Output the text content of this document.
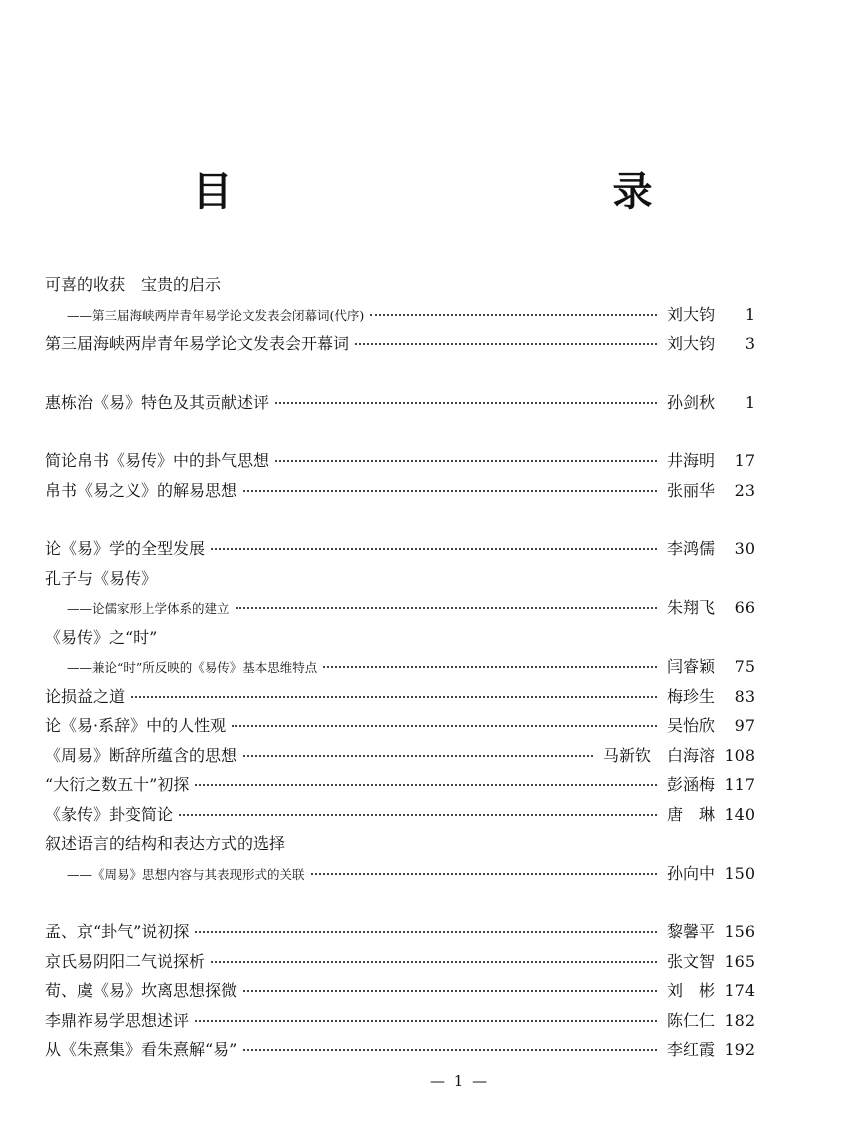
目　　录
可喜的收获　宝贵的启示
——第三届海峡两岸青年易学论文发表会闭幕词(代序)	刘大钧	1
第三届海峡两岸青年易学论文发表会开幕词	刘大钧	3
惠栋治《易》特色及其贡献述评	孙剑秋	1
简论帛书《易传》中的卦气思想	井海明	17
帛书《易之义》的解易思想	张丽华	23
论《易》学的全型发展	李鸿儒	30
孔子与《易传》
——论儒家形上学体系的建立	朱翔飞	66
《易传》之“时”
——兼论“时”所反映的《易传》基本思维特点	闫睿颖	75
论损益之道	梅珍生	83
论《易·系辞》中的人性观	吴怡欣	97
《周易》断辞所蕴含的思想	马新钦　白海溶 108
“大衍之数五十”初探	彭涵梅 117
《彖传》卦变简论	唐　琳 140
叙述语言的结构和表达方式的选择
——《周易》思想内容与其表现形式的关联	孙向中 150
孟、京“卦气”说初探	黎馨平 156
京氏易阴阳二气说探析	张文智 165
荀、虞《易》坎离思想探微	刘　彬 174
李鼎祚易学思想述评	陈仁仁 182
从《朱熹集》看朱熹解“易”	李红霞 192
— 1 —
